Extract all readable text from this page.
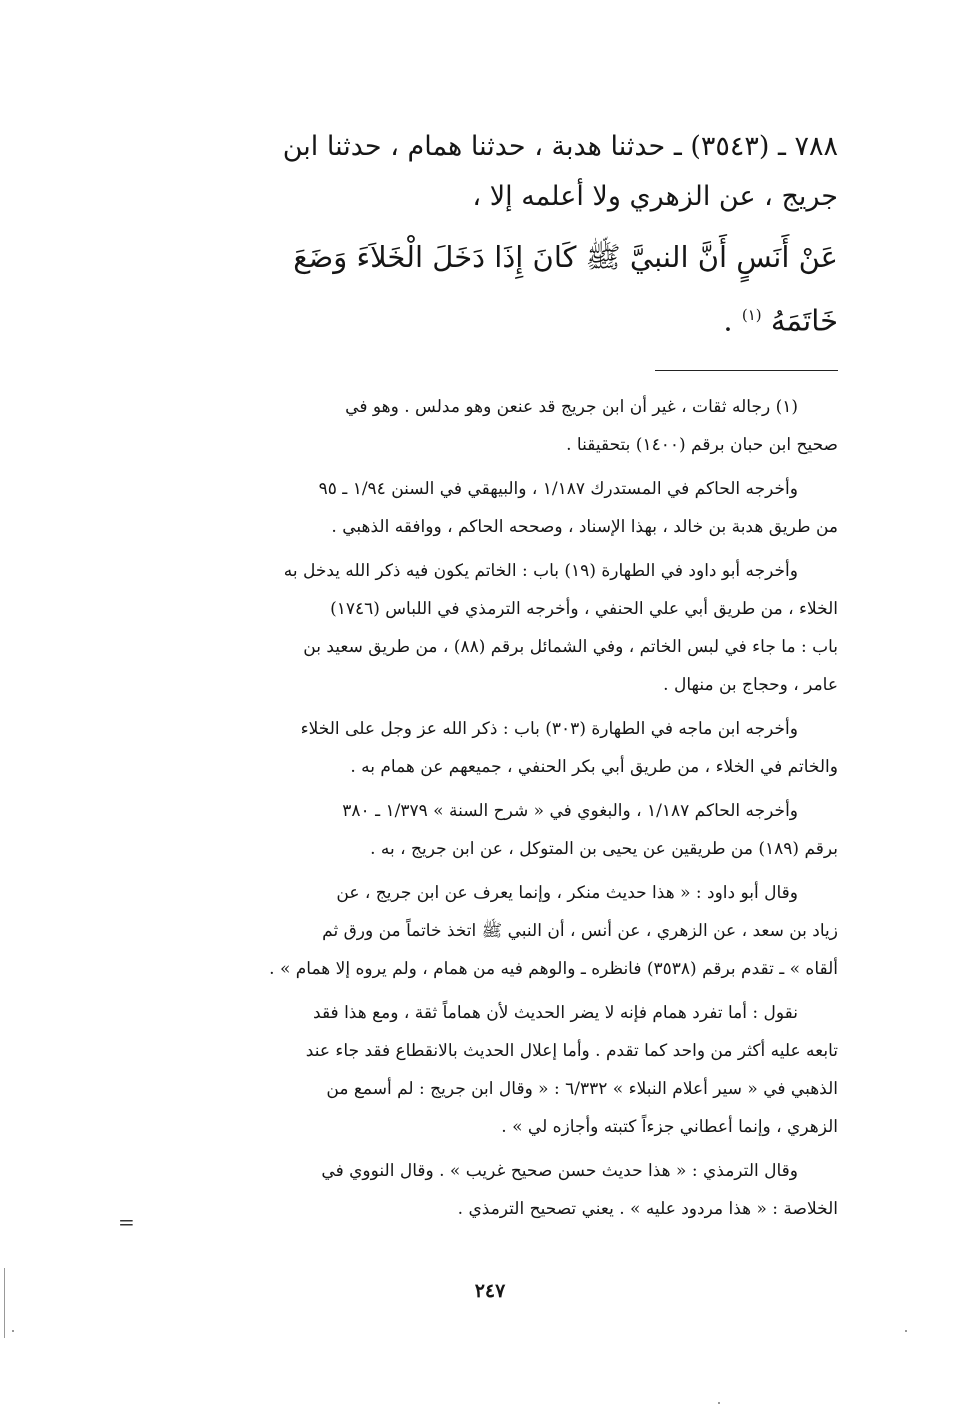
٧٨٨ ـ (٣٥٤٣) ـ حدثنا هدبة ، حدثنا همام ، حدثنا ابن

جريج ، عن الزهري ولا أعلمه إلا ،

عَنْ أَنَسٍ أَنَّ النبيَّ ﷺ كَانَ إِذَا دَخَلَ الْخَلاَءَ وَضَعَ

خَاتَمَهُ $^{(١)}$ .

(١) رجاله ثقات ، غير أن ابن جريج قد عنعن وهو مدلس . وهو في
صحيح ابن حبان برقم (١٤٠٠) بتحقيقنا .

وأخرجه الحاكم في المستدرك ١/١٨٧ ، والبيهقي في السنن ١/٩٤ ـ ٩٥
من طريق هدبة بن خالد ، بهذا الإسناد ، وصححه الحاكم ، ووافقه الذهبي .

وأخرجه أبو داود في الطهارة (١٩) باب : الخاتم يكون فيه ذكر الله يدخل به
الخلاء ، من طريق أبي علي الحنفي ، وأخرجه الترمذي في اللباس (١٧٤٦)
باب : ما جاء في لبس الخاتم ، وفي الشمائل برقم (٨٨) ، من طريق سعيد بن
عامر ، وحجاج بن منهال .

وأخرجه ابن ماجه في الطهارة (٣٠٣) باب : ذكر الله عز وجل على الخلاء
والخاتم في الخلاء ، من طريق أبي بكر الحنفي ، جميعهم عن همام به .

وأخرجه الحاكم ١/١٨٧ ، والبغوي في « شرح السنة » ١/٣٧٩ ـ ٣٨٠
برقم (١٨٩) من طريقين عن يحيى بن المتوكل ، عن ابن جريج ، به .

وقال أبو داود : « هذا حديث منكر ، وإنما يعرف عن ابن جريج ، عن
زياد بن سعد ، عن الزهري ، عن أنس ، أن النبي ﷺ اتخذ خاتماً من ورق ثم
ألقاه » ـ تقدم برقم (٣٥٣٨) فانظره ـ والوهم فيه من همام ، ولم يروه إلا همام » .

نقول : أما تفرد همام فإنه لا يضر الحديث لأن هماماً ثقة ، ومع هذا فقد
تابعه عليه أكثر من واحد كما تقدم . وأما إعلال الحديث بالانقطاع فقد جاء عند
الذهبي في « سير أعلام النبلاء » ٦/٣٣٢ : « وقال ابن جريج : لم أسمع من
الزهري ، وإنما أعطاني جزءاً كتبته وأجازه لي » .

وقال الترمذي : « هذا حديث حسن صحيح غريب » . وقال النووي في
الخلاصة : « هذا مردود عليه » . يعني تصحيح الترمذي .

=
٢٤٧
